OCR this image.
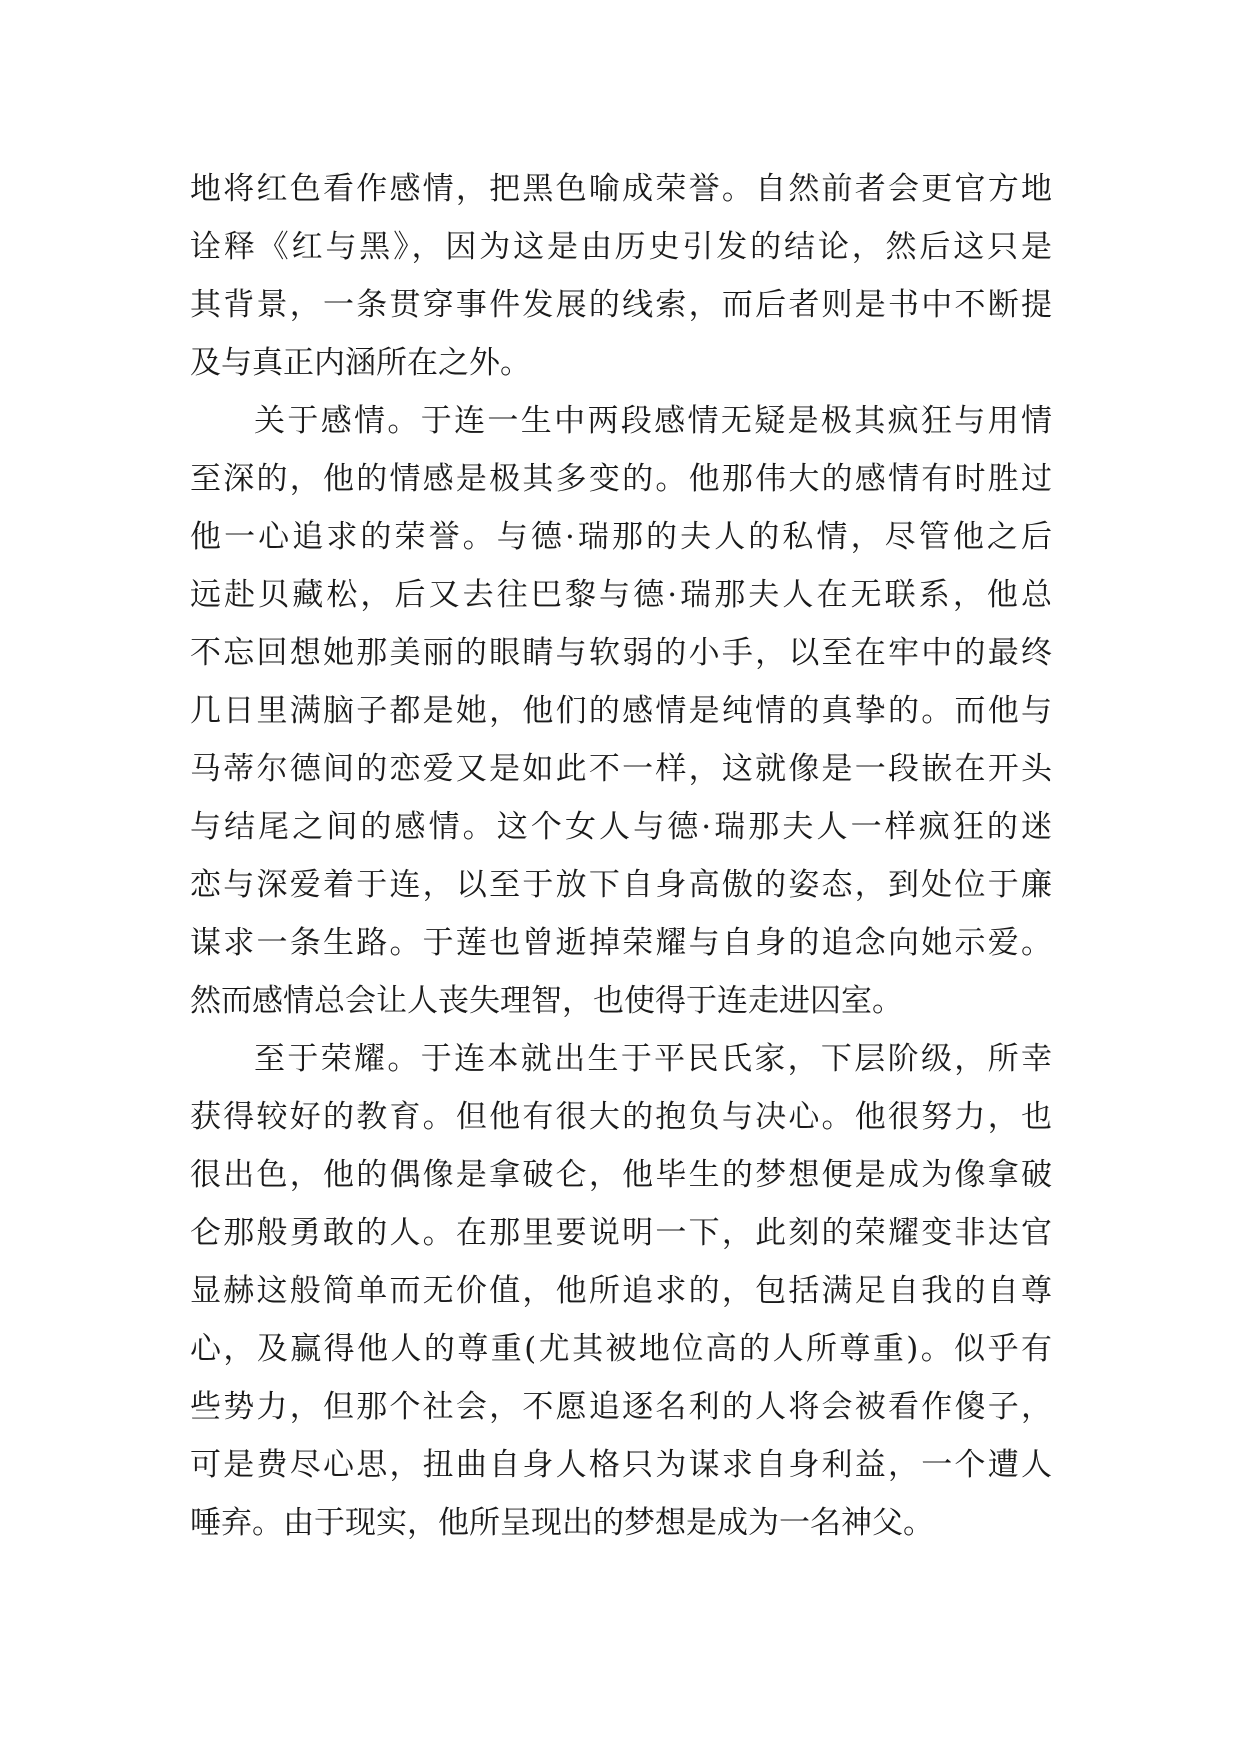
地将红色看作感情，把黑色喻成荣誉。自然前者会更官方地
诠释《红与黑》，因为这是由历史引发的结论，然后这只是
其背景，一条贯穿事件发展的线索，而后者则是书中不断提
及与真正内涵所在之外。
关于感情。于连一生中两段感情无疑是极其疯狂与用情
至深的，他的情感是极其多变的。他那伟大的感情有时胜过
他一心追求的荣誉。与德·瑞那的夫人的私情，尽管他之后
远赴贝藏松，后又去往巴黎与德·瑞那夫人在无联系，他总
不忘回想她那美丽的眼睛与软弱的小手，以至在牢中的最终
几日里满脑子都是她，他们的感情是纯情的真挚的。而他与
马蒂尔德间的恋爱又是如此不一样，这就像是一段嵌在开头
与结尾之间的感情。这个女人与德·瑞那夫人一样疯狂的迷
恋与深爱着于连，以至于放下自身高傲的姿态，到处位于廉
谋求一条生路。于莲也曾逝掉荣耀与自身的追念向她示爱。
然而感情总会让人丧失理智，也使得于连走进囚室。
至于荣耀。于连本就出生于平民氏家，下层阶级，所幸
获得较好的教育。但他有很大的抱负与决心。他很努力，也
很出色，他的偶像是拿破仑，他毕生的梦想便是成为像拿破
仑那般勇敢的人。在那里要说明一下，此刻的荣耀变非达官
显赫这般简单而无价值，他所追求的，包括满足自我的自尊
心，及赢得他人的尊重(尤其被地位高的人所尊重)。似乎有
些势力，但那个社会，不愿追逐名利的人将会被看作傻子，
可是费尽心思，扭曲自身人格只为谋求自身利益，一个遭人
唾弃。由于现实，他所呈现出的梦想是成为一名神父。
